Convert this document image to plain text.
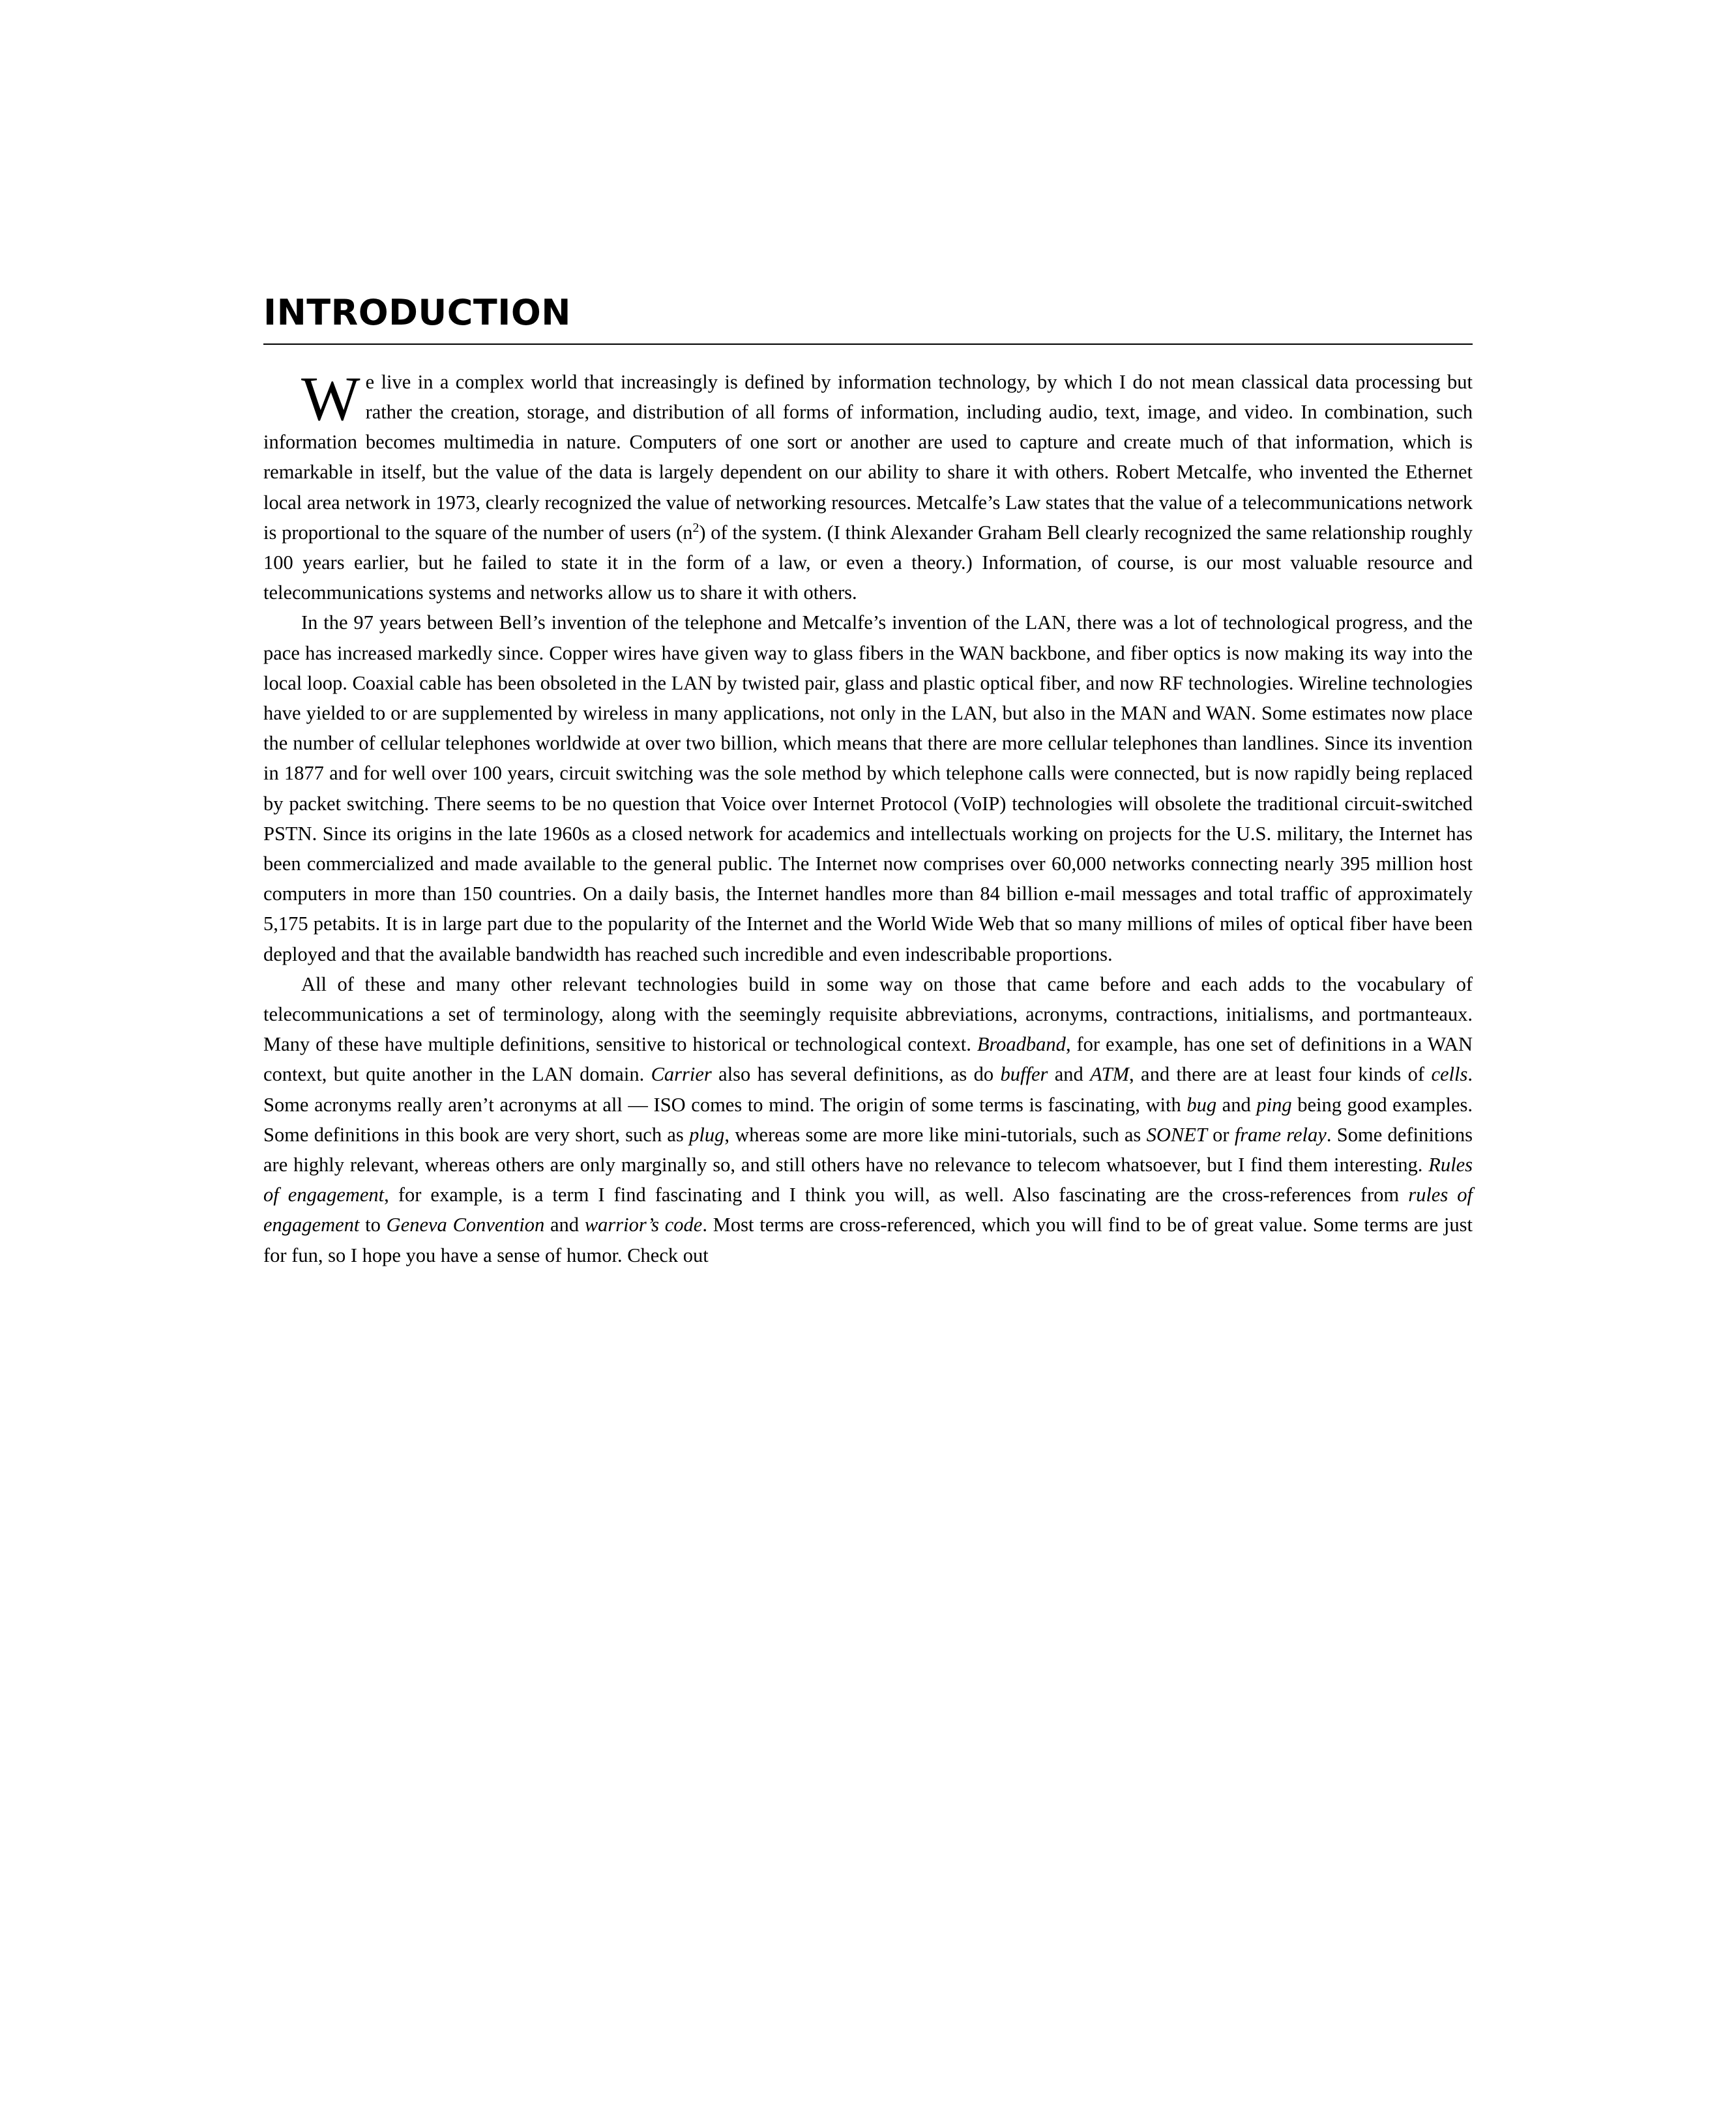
INTRODUCTION

We live in a complex world that increasingly is defined by information technology, by which I do not mean classical data processing but rather the creation, storage, and distribution of all forms of information, including audio, text, image, and video. In combination, such information becomes multimedia in nature. Computers of one sort or another are used to capture and create much of that information, which is remarkable in itself, but the value of the data is largely dependent on our ability to share it with others. Robert Metcalfe, who invented the Ethernet local area network in 1973, clearly recognized the value of networking resources. Metcalfe’s Law states that the value of a telecommunications network is proportional to the square of the number of users $(n^2)$ of the system. (I think Alexander Graham Bell clearly recognized the same relationship roughly 100 years earlier, but he failed to state it in the form of a law, or even a theory.) Information, of course, is our most valuable resource and telecommunications systems and networks allow us to share it with others.

In the 97 years between Bell’s invention of the telephone and Metcalfe’s invention of the LAN, there was a lot of technological progress, and the pace has increased markedly since. Copper wires have given way to glass fibers in the WAN backbone, and fiber optics is now making its way into the local loop. Coaxial cable has been obsoleted in the LAN by twisted pair, glass and plastic optical fiber, and now RF technologies. Wireline technologies have yielded to or are supplemented by wireless in many applications, not only in the LAN, but also in the MAN and WAN. Some estimates now place the number of cellular telephones worldwide at over two billion, which means that there are more cellular telephones than landlines. Since its invention in 1877 and for well over 100 years, circuit switching was the sole method by which telephone calls were connected, but is now rapidly being replaced by packet switching. There seems to be no question that Voice over Internet Protocol (VoIP) technologies will obsolete the traditional circuit-switched PSTN. Since its origins in the late 1960s as a closed network for academics and intellectuals working on projects for the U.S. military, the Internet has been commercialized and made available to the general public. The Internet now comprises over 60,000 networks connecting nearly 395 million host computers in more than 150 countries. On a daily basis, the Internet handles more than 84 billion e-mail messages and total traffic of approximately 5,175 petabits. It is in large part due to the popularity of the Internet and the World Wide Web that so many millions of miles of optical fiber have been deployed and that the available bandwidth has reached such incredible and even indescribable proportions.

All of these and many other relevant technologies build in some way on those that came before and each adds to the vocabulary of telecommunications a set of terminology, along with the seemingly requisite abbreviations, acronyms, contractions, initialisms, and portmanteaux. Many of these have multiple definitions, sensitive to historical or technological context. Broadband, for example, has one set of definitions in a WAN context, but quite another in the LAN domain. Carrier also has several definitions, as do buffer and ATM, and there are at least four kinds of cells. Some acronyms really aren’t acronyms at all — ISO comes to mind. The origin of some terms is fascinating, with bug and ping being good examples. Some definitions in this book are very short, such as plug, whereas some are more like mini-tutorials, such as SONET or frame relay. Some definitions are highly relevant, whereas others are only marginally so, and still others have no relevance to telecom whatsoever, but I find them interesting. Rules of engagement, for example, is a term I find fascinating and I think you will, as well. Also fascinating are the cross-references from rules of engagement to Geneva Convention and warrior’s code. Most terms are cross-referenced, which you will find to be of great value. Some terms are just for fun, so I hope you have a sense of humor. Check out
